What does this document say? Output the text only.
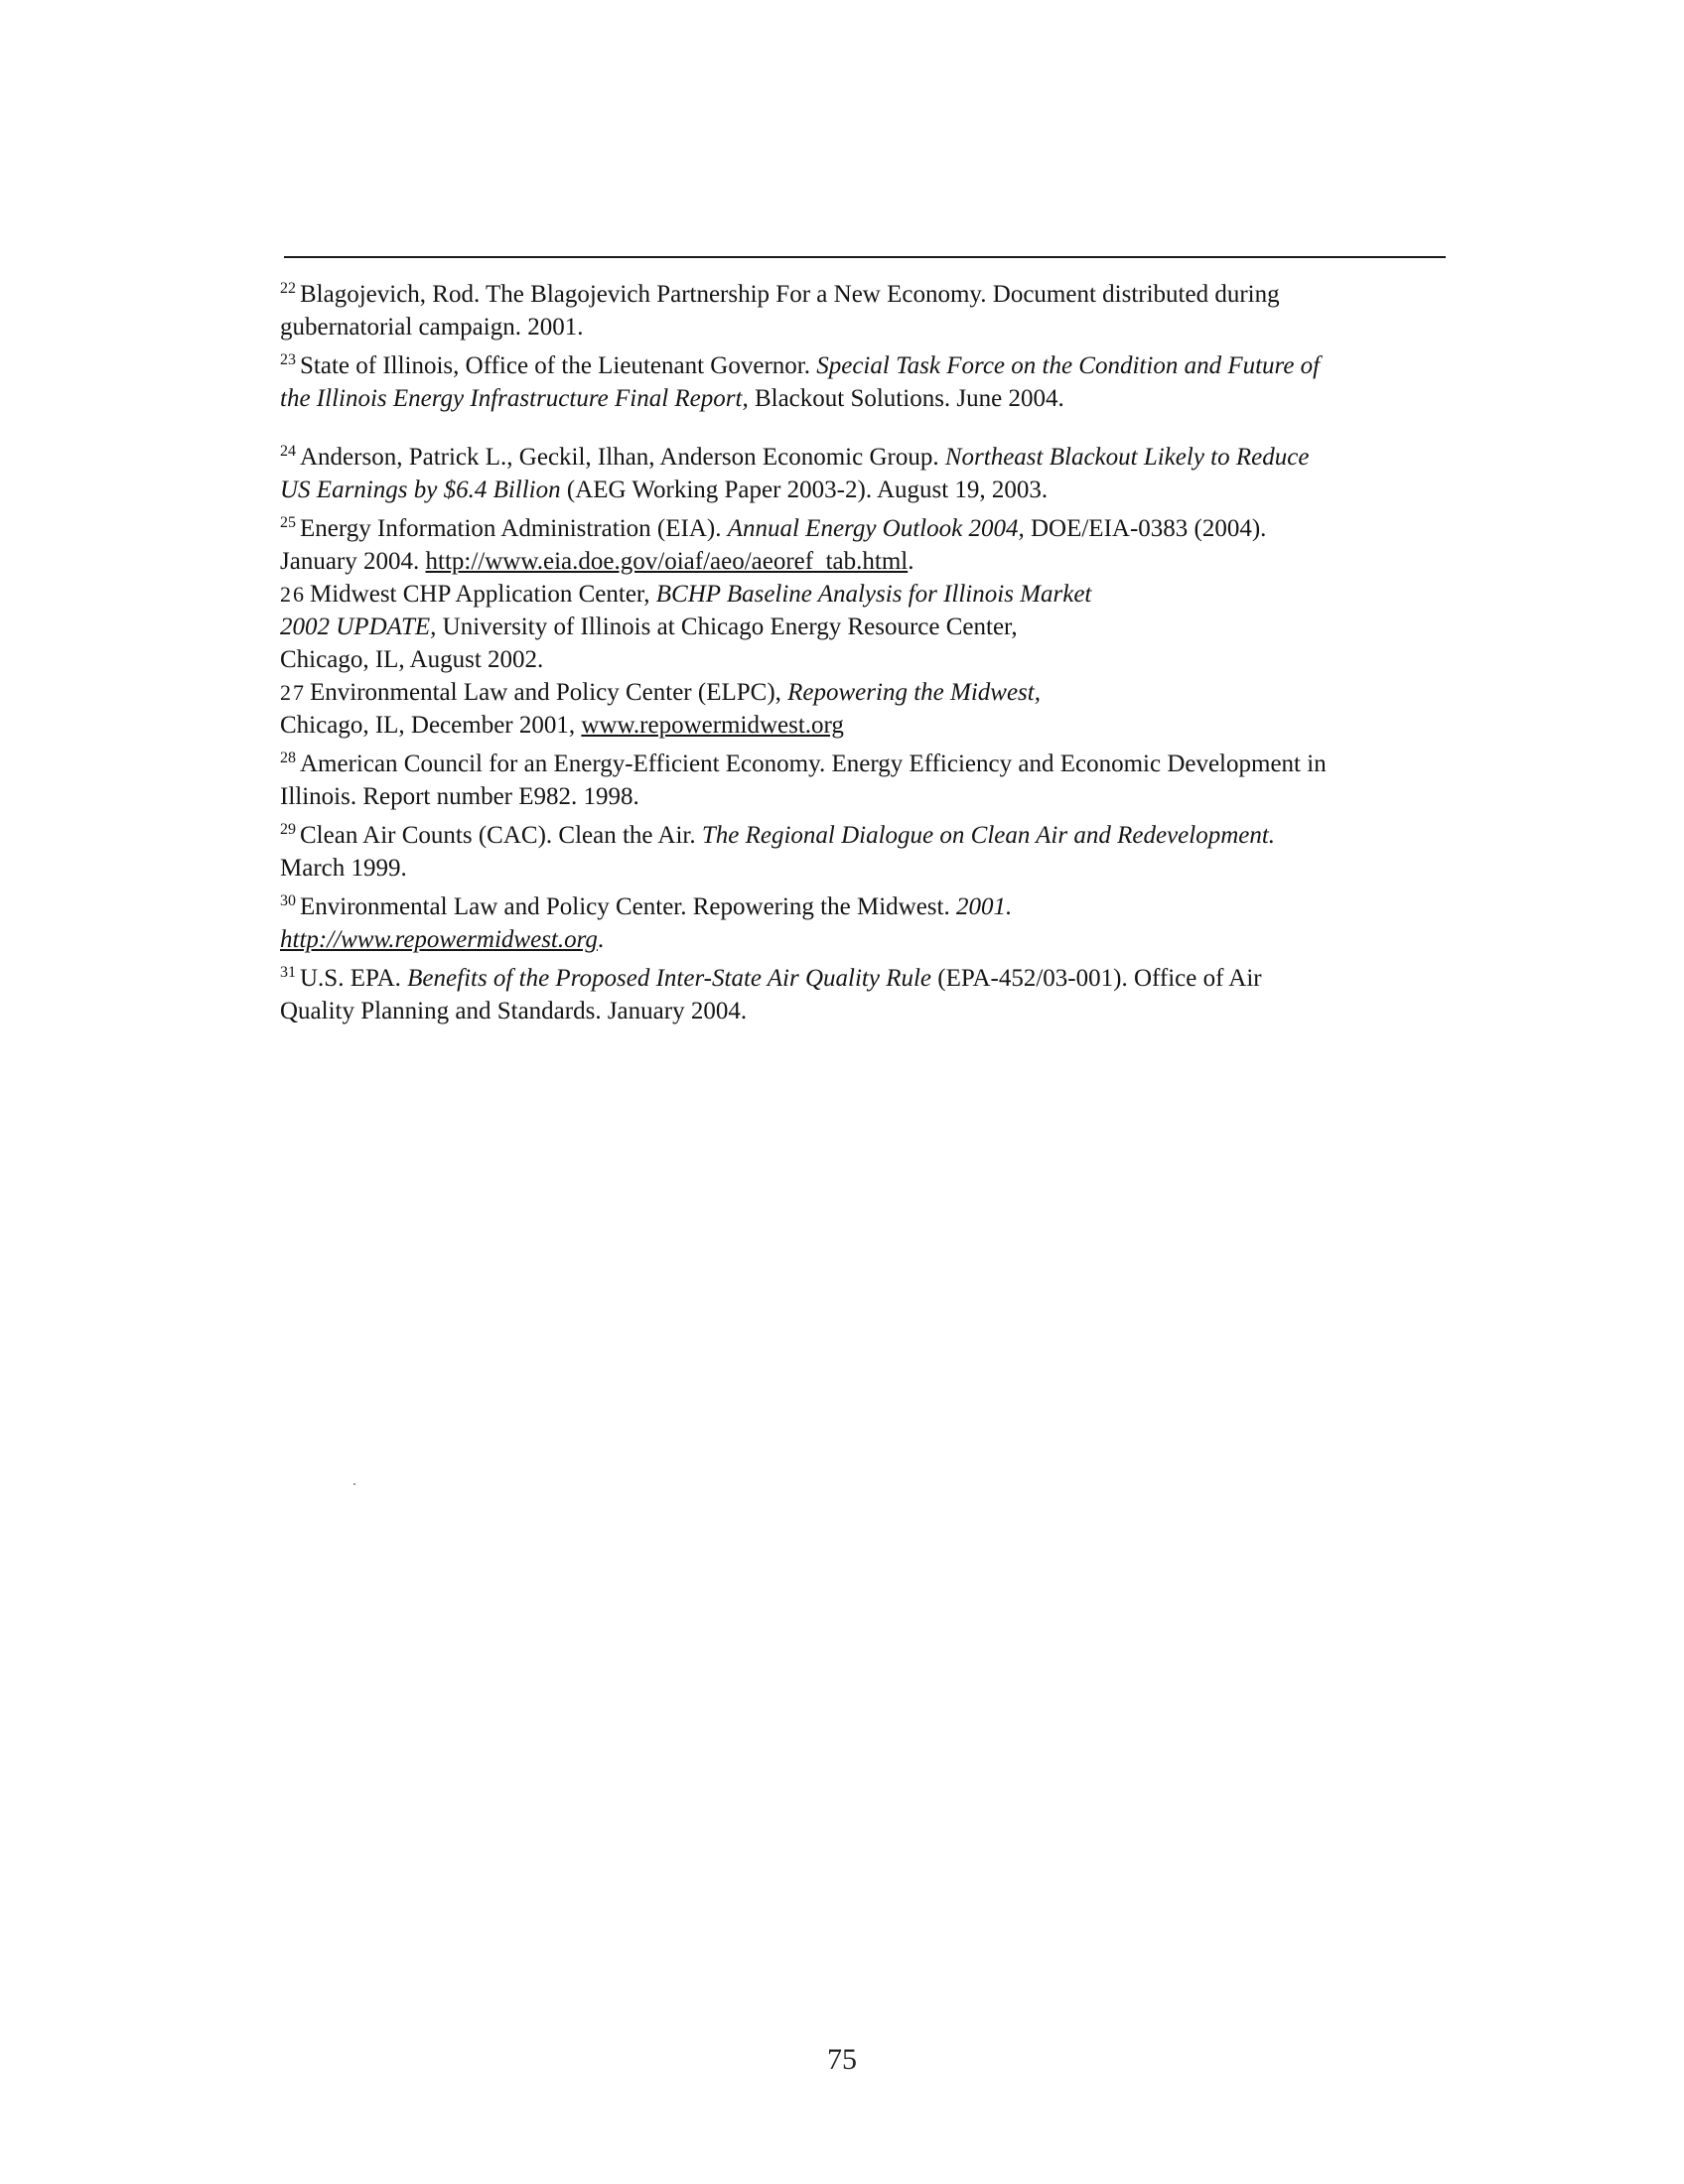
$^{22}$ Blagojevich, Rod. The Blagojevich Partnership For a New Economy. Document distributed during
gubernatorial campaign. 2001.

$^{23}$ State of Illinois, Office of the Lieutenant Governor. Special Task Force on the Condition and Future of
the Illinois Energy Infrastructure Final Report, Blackout Solutions. June 2004.

$^{24}$ Anderson, Patrick L., Geckil, Ilhan, Anderson Economic Group. Northeast Blackout Likely to Reduce
US Earnings by $6.4 Billion (AEG Working Paper 2003-2). August 19, 2003.

$^{25}$ Energy Information Administration (EIA). Annual Energy Outlook 2004, DOE/EIA-0383 (2004).
January 2004. http://www.eia.doe.gov/oiaf/aeo/aeoref_tab.html.

26 Midwest CHP Application Center, BCHP Baseline Analysis for Illinois Market
2002 UPDATE, University of Illinois at Chicago Energy Resource Center,
Chicago, IL, August 2002.

27 Environmental Law and Policy Center (ELPC), Repowering the Midwest,
Chicago, IL, December 2001, www.repowermidwest.org

$^{28}$ American Council for an Energy-Efficient Economy. Energy Efficiency and Economic Development in
Illinois. Report number E982. 1998.

$^{29}$ Clean Air Counts (CAC). Clean the Air. The Regional Dialogue on Clean Air and Redevelopment.
March 1999.

$^{30}$ Environmental Law and Policy Center. Repowering the Midwest. 2001.
http://www.repowermidwest.org.

$^{31}$ U.S. EPA. Benefits of the Proposed Inter-State Air Quality Rule (EPA-452/03-001). Office of Air
Quality Planning and Standards. January 2004.

75
